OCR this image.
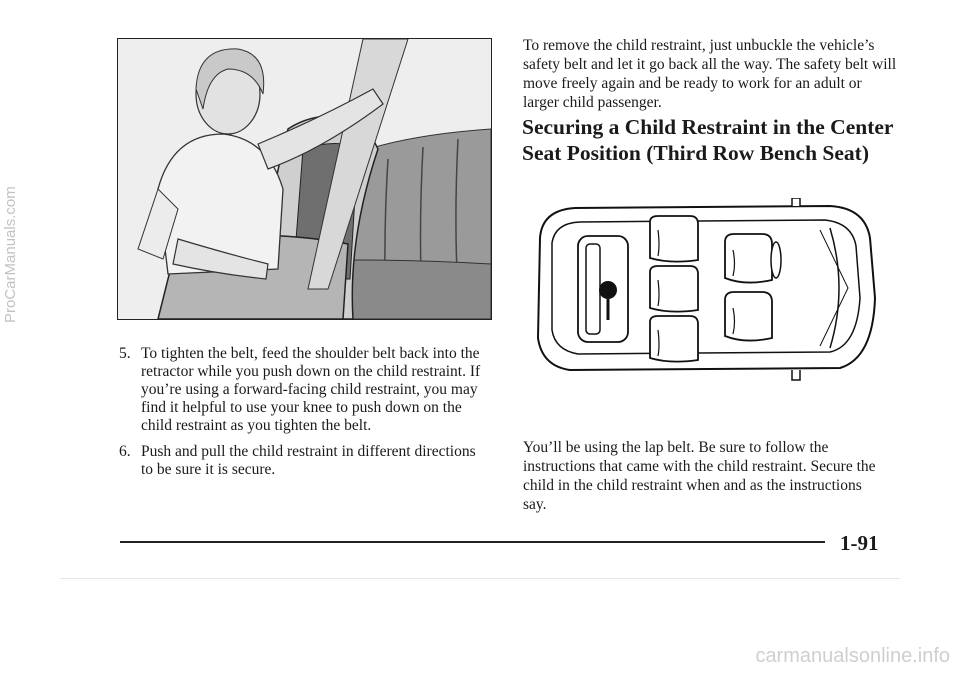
ProCarManuals.com
5. To tighten the belt, feed the shoulder belt back into the retractor while you push down on the child restraint. If you’re using a forward-facing child restraint, you may find it helpful to use your knee to push down on the child restraint as you tighten the belt.
6. Push and pull the child restraint in different directions to be sure it is secure.

To remove the child restraint, just unbuckle the vehicle’s safety belt and let it go back all the way. The safety belt will move freely again and be ready to work for an adult or larger child passenger.

Securing a Child Restraint in the Center Seat Position (Third Row Bench Seat)

You’ll be using the lap belt. Be sure to follow the instructions that came with the child restraint. Secure the child in the child restraint when and as the instructions say.

1-91
carmanualsonline.info
